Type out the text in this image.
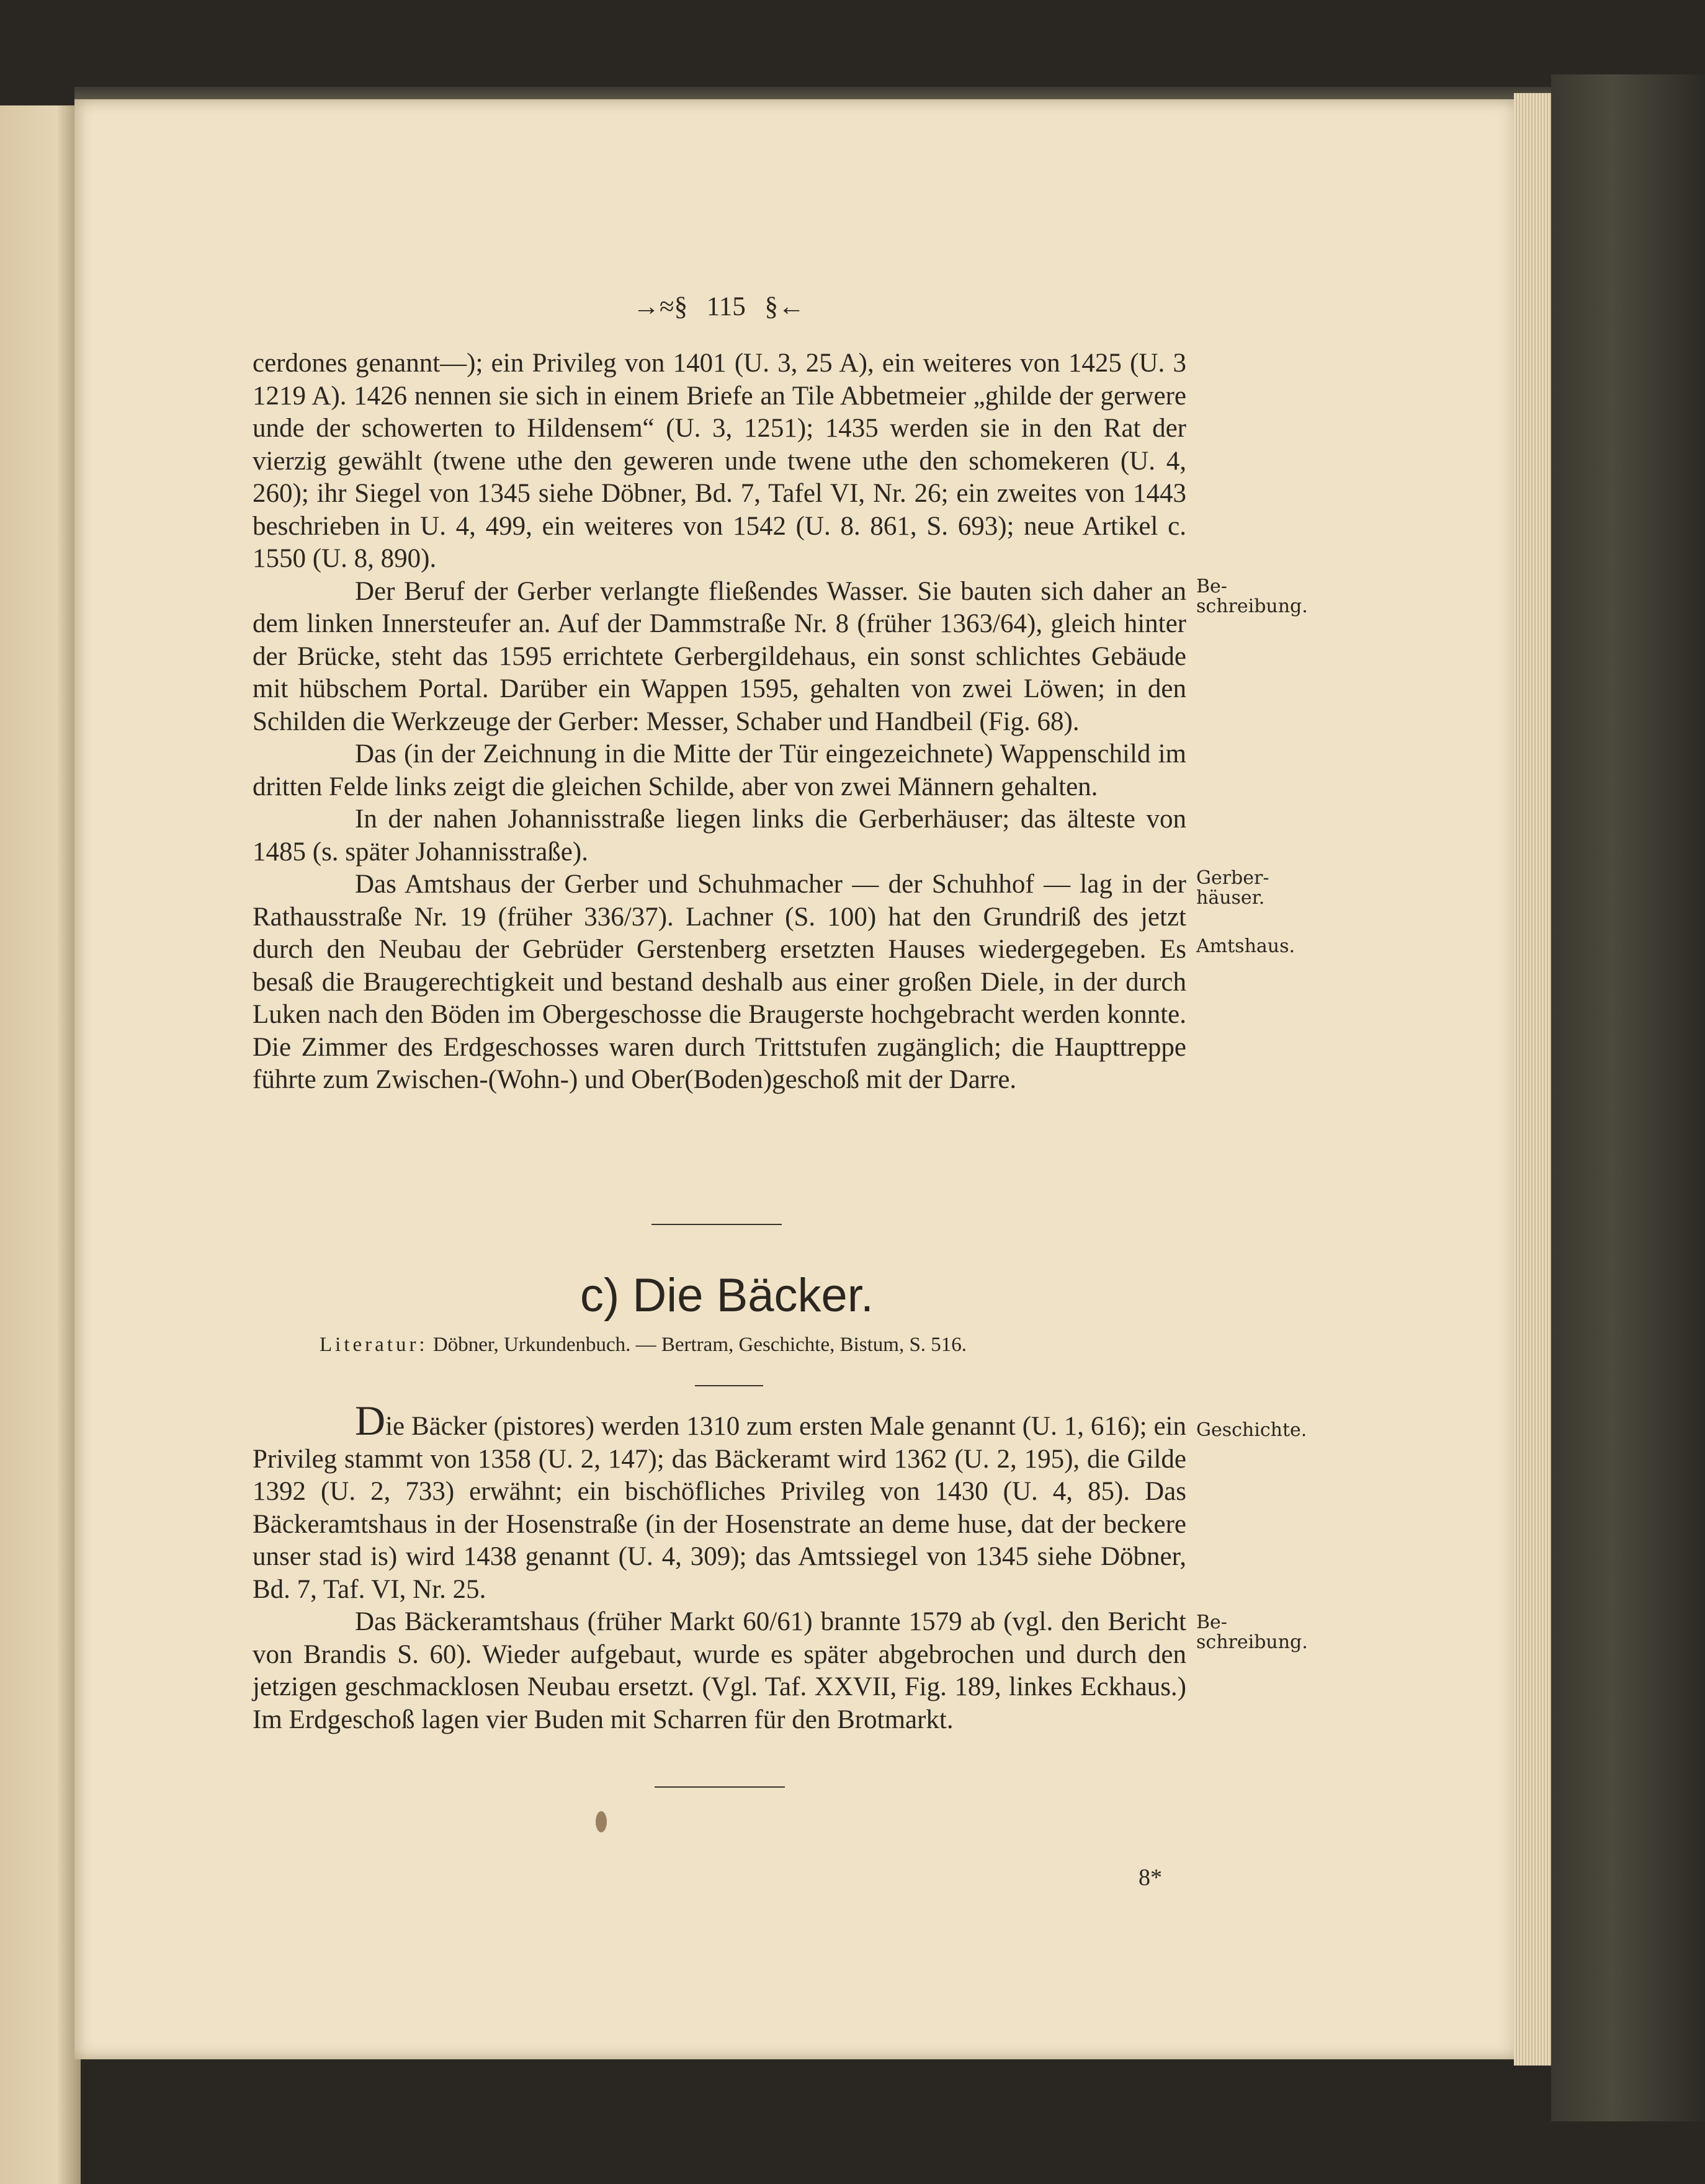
→≈§ 115 §←

cerdones genannt—); ein Privileg von 1401 (U. 3, 25 A), ein weiteres von 1425 (U. 3 1219 A). 1426 nennen sie sich in einem Briefe an Tile Abbetmeier „ghilde der gerwere unde der schowerten to Hildensem“ (U. 3, 1251); 1435 werden sie in den Rat der vierzig gewählt (twene uthe den geweren unde twene uthe den schomekeren (U. 4, 260); ihr Siegel von 1345 siehe Döbner, Bd. 7, Tafel VI, Nr. 26; ein zweites von 1443 beschrieben in U. 4, 499, ein weiteres von 1542 (U. 8. 861, S. 693); neue Artikel c. 1550 (U. 8, 890).

Der Beruf der Gerber verlangte fließendes Wasser. Sie bauten sich daher an dem linken Innersteufer an. Auf der Dammstraße Nr. 8 (früher 1363/64), gleich hinter der Brücke, steht das 1595 errichtete Gerbergildehaus, ein sonst schlichtes Gebäude mit hübschem Portal. Darüber ein Wappen 1595, gehalten von zwei Löwen; in den Schilden die Werkzeuge der Gerber: Messer, Schaber und Handbeil (Fig. 68).

Das (in der Zeichnung in die Mitte der Tür eingezeichnete) Wappenschild im dritten Felde links zeigt die gleichen Schilde, aber von zwei Männern gehalten.

In der nahen Johannisstraße liegen links die Gerberhäuser; das älteste von 1485 (s. später Johannisstraße).

Das Amtshaus der Gerber und Schuhmacher — der Schuhhof — lag in der Rathausstraße Nr. 19 (früher 336/37). Lachner (S. 100) hat den Grundriß des jetzt durch den Neubau der Gebrüder Gerstenberg ersetzten Hauses wiedergegeben. Es besaß die Braugerechtigkeit und bestand deshalb aus einer großen Diele, in der durch Luken nach den Böden im Obergeschosse die Braugerste hochgebracht werden konnte. Die Zimmer des Erdgeschosses waren durch Trittstufen zugänglich; die Haupttreppe führte zum Zwischen-(Wohn-) und Ober(Boden)geschoß mit der Darre.

Be-
schreibung.
Gerber-
häuser.
Amtshaus.
c) Die Bäcker.
Literatur: Döbner, Urkundenbuch. — Bertram, Geschichte, Bistum, S. 516.

Die Bäcker (pistores) werden 1310 zum ersten Male genannt (U. 1, 616); ein Privileg stammt von 1358 (U. 2, 147); das Bäckeramt wird 1362 (U. 2, 195), die Gilde 1392 (U. 2, 733) erwähnt; ein bischöfliches Privileg von 1430 (U. 4, 85). Das Bäckeramtshaus in der Hosenstraße (in der Hosenstrate an deme huse, dat der beckere unser stad is) wird 1438 genannt (U. 4, 309); das Amtssiegel von 1345 siehe Döbner, Bd. 7, Taf. VI, Nr. 25.

Das Bäckeramtshaus (früher Markt 60/61) brannte 1579 ab (vgl. den Bericht von Brandis S. 60). Wieder aufgebaut, wurde es später abgebrochen und durch den jetzigen geschmacklosen Neubau ersetzt. (Vgl. Taf. XXVII, Fig. 189, linkes Eckhaus.) Im Erdgeschoß lagen vier Buden mit Scharren für den Brotmarkt.

Geschichte.
Be-
schreibung.
8*
